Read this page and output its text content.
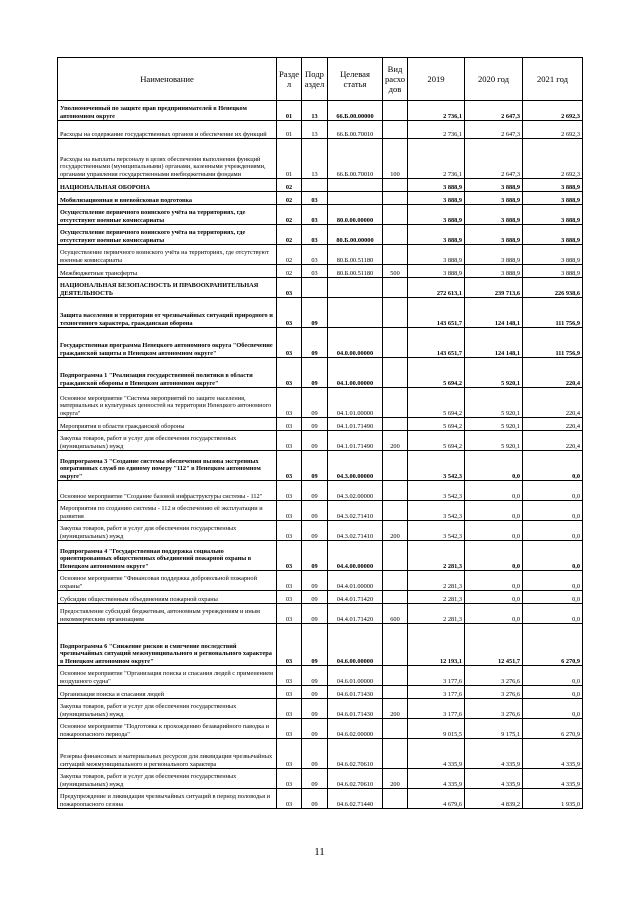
Наименование	Разде л	Подр аздел	Целевая статья	Вид расхо дов	2019	2020 год	2021 год
Уполномоченный по защите прав предпринимателей в Ненецком автономном округе	01	13	66.Б.00.00000		2 736,1	2 647,3	2 692,3
Расходы на содержание государственных органов и обеспечение их функций	01	13	66.Б.00.70010		2 736,1	2 647,3	2 692,3
Расходы на выплаты персоналу в целях обеспечения выполнения функций государственными (муниципальными) органами, казенными учреждениями, органами управления государственными внебюджетными фондами	01	13	66.Б.00.70010	100	2 736,1	2 647,3	2 692,3
НАЦИОНАЛЬНАЯ ОБОРОНА	02				3 888,9	3 888,9	3 888,9
Мобилизационная и вневойсковая подготовка	02	03			3 888,9	3 888,9	3 888,9
Осуществление первичного воинского учёта на территориях, где отсутствуют военные комиссариаты	02	03	80.0.00.00000		3 888,9	3 888,9	3 888,9
Осуществление первичного воинского учёта на территориях, где отсутствуют военные комиссариаты	02	03	80.Б.00.00000		3 888,9	3 888,9	3 888,9
Осуществление первичного воинского учёта на территориях, где отсутствуют военные комиссариаты	02	03	80.Б.00.51180		3 888,9	3 888,9	3 888,9
Межбюджетные трансферты	02	03	80.Б.00.51180	500	3 888,9	3 888,9	3 888,9
НАЦИОНАЛЬНАЯ БЕЗОПАСНОСТЬ И ПРАВООХРАНИТЕЛЬНАЯ ДЕЯТЕЛЬНОСТЬ	03				272 613,1	239 713,6	226 938,6
Защита населения и территории от чрезвычайных ситуаций природного и техногенного характера, гражданская оборона	03	09			143 651,7	124 148,1	111 756,9
Государственная программа Ненецкого автономного округа "Обеспечение гражданской защиты в Ненецком автономном округе"	03	09	04.0.00.00000		143 651,7	124 148,1	111 756,9
Подпрограмма 1 "Реализация государственной политики в области гражданской обороны в Ненецком автономном округе"	03	09	04.1.00.00000		5 694,2	5 920,1	220,4
Основное мероприятие "Система мероприятий по защите населения, материальных и культурных ценностей на территории Ненецкого автономного округа"	03	09	04.1.01.00000		5 694,2	5 920,1	220,4
Мероприятия в области гражданской обороны	03	09	04.1.01.71490		5 694,2	5 920,1	220,4
Закупка товаров, работ и услуг для обеспечения государственных (муниципальных) нужд	03	09	04.1.01.71490	200	5 694,2	5 920,1	220,4
Подпрограмма 3 "Создание системы обеспечения вызова экстренных оперативных служб по единому номеру "112" в Ненецком автономном округе"	03	09	04.3.00.00000		3 542,3	0,0	0,0
Основное мероприятие "Создание базовой инфраструктуры системы - 112"	03	09	04.3.02.00000		3 542,3	0,0	0,0
Мероприятия по созданию системы - 112 и обеспечению её эксплуатации и развития	03	09	04.3.02.71410		3 542,3	0,0	0,0
Закупка товаров, работ и услуг для обеспечения государственных (муниципальных) нужд	03	09	04.3.02.71410	200	3 542,3	0,0	0,0
Подпрограмма 4 "Государственная поддержка социально ориентированных общественных объединений пожарной охраны в Ненецком автономном округе"	03	09	04.4.00.00000		2 281,3	0,0	0,0
Основное мероприятие "Финансовая поддержка добровольной пожарной охраны"	03	09	04.4.01.00000		2 281,3	0,0	0,0
Субсидии общественным объединениям пожарной охраны	03	09	04.4.01.71420		2 281,3	0,0	0,0
Предоставление субсидий бюджетным, автономным учреждениям и иным некоммерческим организациям	03	09	04.4.01.71420	600	2 281,3	0,0	0,0
Подпрограмма 6 "Снижение рисков и смягчение последствий чрезвычайных ситуаций межмуниципального и регионального характера в Ненецком автономном округе"	03	09	04.6.00.00000		12 193,1	12 451,7	6 270,9
Основное мероприятие "Организация поиска и спасания людей с применением воздушного судна"	03	09	04.6.01.00000		3 177,6	3 276,6	0,0
Организация поиска и спасания людей	03	09	04.6.01.71430		3 177,6	3 276,6	0,0
Закупка товаров, работ и услуг для обеспечения государственных (муниципальных) нужд	03	09	04.6.01.71430	200	3 177,6	3 276,6	0,0
Основное мероприятие "Подготовка к прохождению безаварийного паводка и пожароопасного периода"	03	09	04.6.02.00000		9 015,5	9 175,1	6 270,9
Резервы финансовых и материальных ресурсов для ликвидации чрезвычайных ситуаций межмуниципального и регионального характера	03	09	04.6.02.70610		4 335,9	4 335,9	4 335,9
Закупка товаров, работ и услуг для обеспечения государственных (муниципальных) нужд	03	09	04.6.02.70610	200	4 335,9	4 335,9	4 335,9
Предупреждение и ликвидация чрезвычайных ситуаций в период половодья и пожароопасного сезона	03	09	04.6.02.71440		4 679,6	4 839,2	1 935,0
11
